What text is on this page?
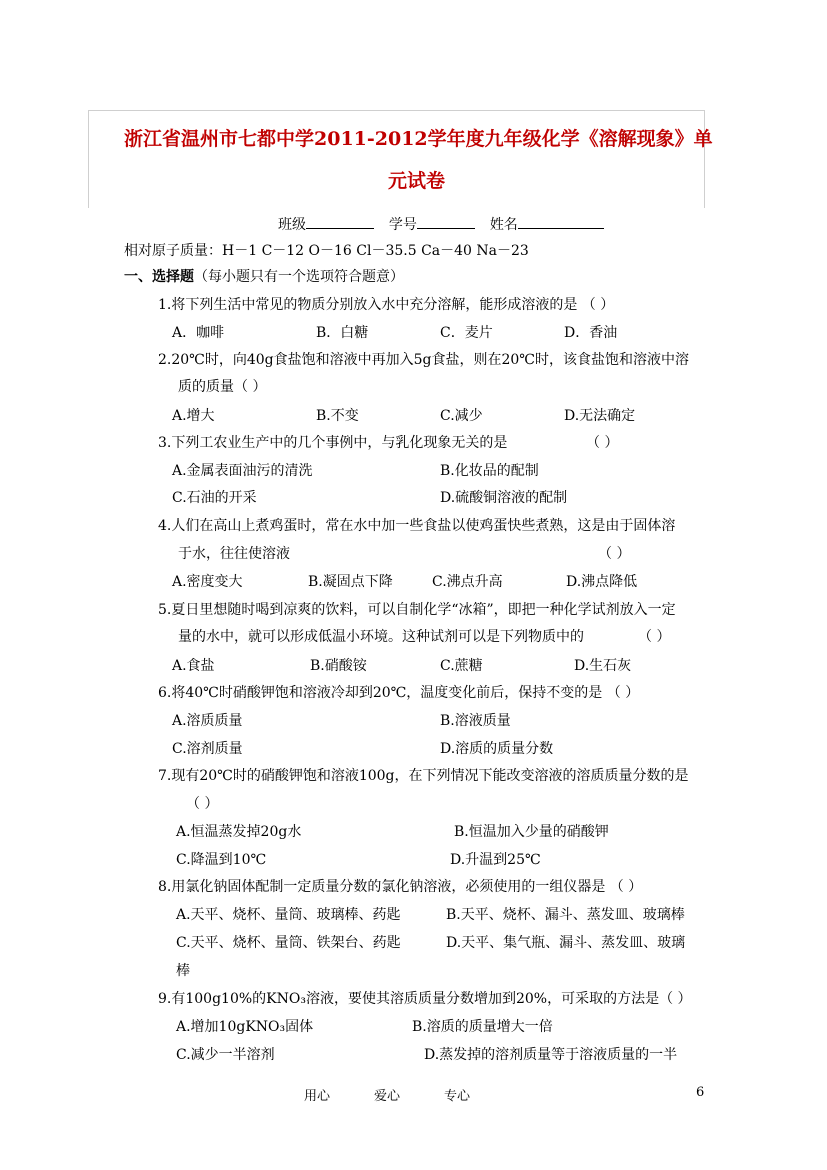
浙江省温州市七都中学2011-2012学年度九年级化学《溶解现象》单
元试卷
班级	学号	姓名
相对原子质量：H－1 C－12 O－16 Cl－35.5 Ca－40 Na－23
一、选择题（每小题只有一个选项符合题意）
1.将下列生活中常见的物质分别放入水中充分溶解，能形成溶液的是 （ ）
A．咖啡	B．白糖	C．麦片	D．香油
2.20℃时，向40g食盐饱和溶液中再加入5g食盐，则在20℃时，该食盐饱和溶液中溶
质的质量（ ）
A.增大	B.不变	C.减少	D.无法确定
3.下列工农业生产中的几个事例中，与乳化现象无关的是	（ ）
A.金属表面油污的清洗	B.化妆品的配制
C.石油的开采	D.硫酸铜溶液的配制
4.人们在高山上煮鸡蛋时，常在水中加一些食盐以使鸡蛋快些煮熟，这是由于固体溶
于水，往往使溶液	（ ）
A.密度变大	B.凝固点下降	C.沸点升高	D.沸点降低
5.夏日里想随时喝到凉爽的饮料，可以自制化学“冰箱”，即把一种化学试剂放入一定
量的水中，就可以形成低温小环境。这种试剂可以是下列物质中的	（ ）
A.食盐	B.硝酸铵	C.蔗糖	D.生石灰
6.将40℃时硝酸钾饱和溶液冷却到20℃，温度变化前后，保持不变的是 （ ）
A.溶质质量	B.溶液质量
C.溶剂质量	D.溶质的质量分数
7.现有20℃时的硝酸钾饱和溶液100g，在下列情况下能改变溶液的溶质质量分数的是
（ ）
A.恒温蒸发掉20g水	B.恒温加入少量的硝酸钾
C.降温到10℃	D.升温到25℃
8.用氯化钠固体配制一定质量分数的氯化钠溶液，必须使用的一组仪器是 （ ）
A.天平、烧杯、量筒、玻璃棒、药匙	B.天平、烧杯、漏斗、蒸发皿、玻璃棒
C.天平、烧杯、量筒、铁架台、药匙	D.天平、集气瓶、漏斗、蒸发皿、玻璃
棒
9.有100g10%的KNO₃溶液，要使其溶质质量分数增加到20%，可采取的方法是（ ）
A.增加10gKNO₃固体	B.溶质的质量增大一倍
C.减少一半溶剂	D.蒸发掉的溶剂质量等于溶液质量的一半
用心	爱心	专心	6
